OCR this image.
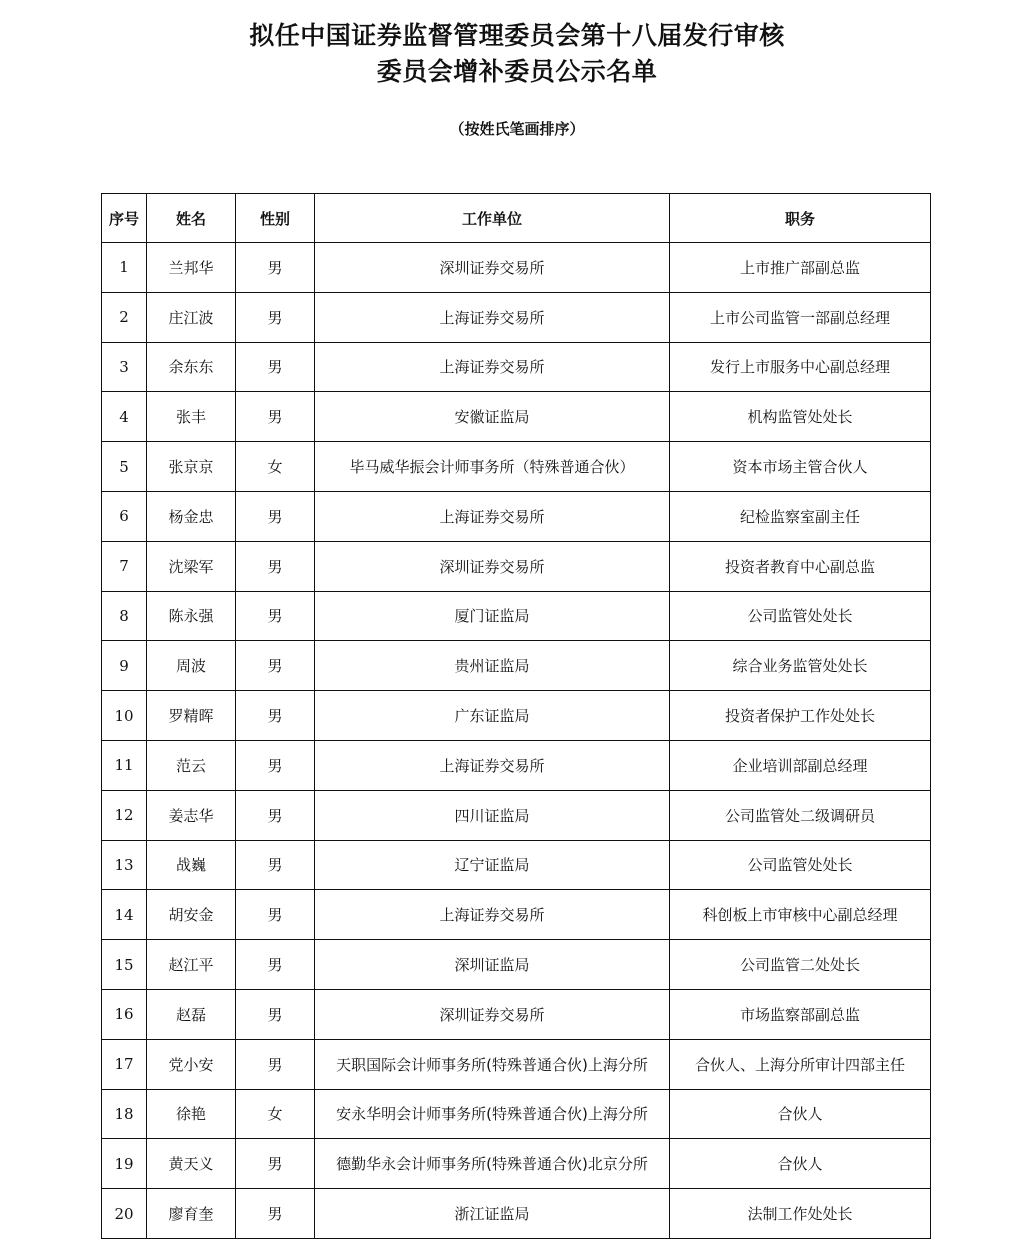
拟任中国证券监督管理委员会第十八届发行审核
委员会增补委员公示名单
（按姓氏笔画排序）
序号	姓名	性别	工作单位	职务
1	兰邦华	男	深圳证券交易所	上市推广部副总监
2	庄江波	男	上海证券交易所	上市公司监管一部副总经理
3	余东东	男	上海证券交易所	发行上市服务中心副总经理
4	张丰	男	安徽证监局	机构监管处处长
5	张京京	女	毕马威华振会计师事务所（特殊普通合伙）	资本市场主管合伙人
6	杨金忠	男	上海证券交易所	纪检监察室副主任
7	沈梁军	男	深圳证券交易所	投资者教育中心副总监
8	陈永强	男	厦门证监局	公司监管处处长
9	周波	男	贵州证监局	综合业务监管处处长
10	罗精晖	男	广东证监局	投资者保护工作处处长
11	范云	男	上海证券交易所	企业培训部副总经理
12	姜志华	男	四川证监局	公司监管处二级调研员
13	战巍	男	辽宁证监局	公司监管处处长
14	胡安金	男	上海证券交易所	科创板上市审核中心副总经理
15	赵江平	男	深圳证监局	公司监管二处处长
16	赵磊	男	深圳证券交易所	市场监察部副总监
17	党小安	男	天职国际会计师事务所(特殊普通合伙)上海分所	合伙人、上海分所审计四部主任
18	徐艳	女	安永华明会计师事务所(特殊普通合伙)上海分所	合伙人
19	黄天义	男	德勤华永会计师事务所(特殊普通合伙)北京分所	合伙人
20	廖育奎	男	浙江证监局	法制工作处处长
